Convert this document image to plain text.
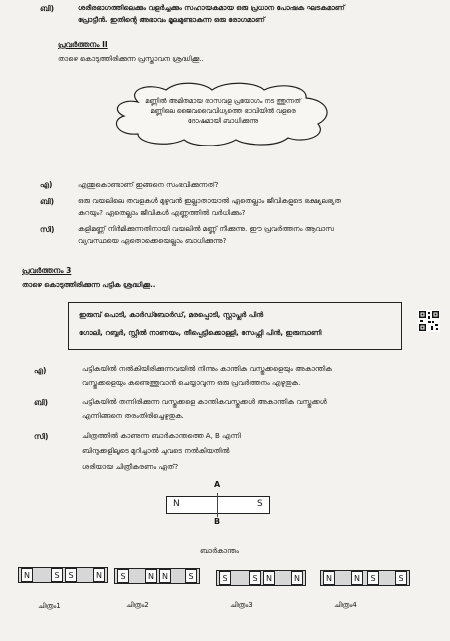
ബി)	ശരീരഭാഗത്തിലെക്കും വളർച്ചക്കും സഹായകമായ ഒരു പ്രധാന പോഷക ഘടകമാണ്
പ്രോട്ടീൻ. ഇതിന്റെ അഭാവം മൂലമുണ്ടാകുന്ന ഒരു രോഗമാണ്
പ്രവർത്തനം II
താഴെ കൊടുത്തിരിക്കുന്ന പ്രസ്താവന ശ്രദ്ധിക്കൂ..
മണ്ണിൽ അമിതമായ രാസവള പ്രയോഗം നട ത്തുന്നത് മണ്ണിലെ ജൈവവൈവിധ്യത്തെ ഭാവിയിൽ വളരെ ദോഷമായി ബാധിക്കുന്നു
എ)	എന്തുകൊണ്ടാണ് ഇങ്ങനെ സംഭവിക്കുന്നത്?
ബി)	ഒരു വയലിലെ തവളകൾ മുഴുവൻ ഇല്ലാതായാൽ ഏതെല്ലാം ജീവികളുടെ ഭക്ഷ്യലഭ്യത
കുറയും? ഏതെല്ലാം ജീവികൾ എണ്ണത്തിൽ വർധിക്കും?
സി)	കളിമണ്ണ് നിർമിക്കുന്നതിനായി വയലിൽ മണ്ണ് നീക്കുന്നു. ഈ പ്രവർത്തനം ആവാസ
വ്യവസ്ഥയെ ഏതൊക്കെയെല്ലാം ബാധിക്കുന്നു?
പ്രവർത്തനം 3
താഴെ കൊടുത്തിരിക്കുന്ന പട്ടിക ശ്രദ്ധിക്കൂ..
ഇരുമ്പ് പൊടി, കാർഡ്ബോർഡ്, മരപ്പൊടി, സ്റ്റാപ്ലർ പിൻ
ഗോലി, റബ്ബർ, സ്റ്റീൽ നാണയം, തീപ്പെട്ടിക്കൊള്ളി, സേഫ്റ്റി പിൻ, ഇരുമ്പാണി
എ)	പട്ടികയിൽ നൽകിയിരിക്കുന്നവയിൽ നിന്നും കാന്തിക വസ്തുക്കളെയും അകാന്തിക
വസ്തുക്കളെയും കണ്ടെത്തുവാൻ ചെയ്യാവുന്ന ഒരു പ്രവർത്തനം എഴുതുക.
ബി)	പട്ടികയിൽ തന്നിരിക്കുന്ന വസ്തുക്കളെ കാന്തികവസ്തുക്കൾ അകാന്തിക വസ്തുക്കൾ
എന്നിങ്ങനെ തരംതിരിച്ചെഴുതുക.
സി)	ചിത്രത്തിൽ കാണുന്ന ബാർകാന്തത്തെ A, B എന്നി
ബിന്ദുക്കളിലൂടെ മുറിച്ചാൽ ചുവടെ നൽകിയതിൽ
ശരിയായ ചിത്രീകരണം ഏത്?
A
N	S
B
ബാർകാന്തം
N	S	S	N
ചിത്രം1
S	N	N	S
ചിത്രം2
S	S	N	N
ചിത്രം3
N	N	S	S
ചിത്രം4
